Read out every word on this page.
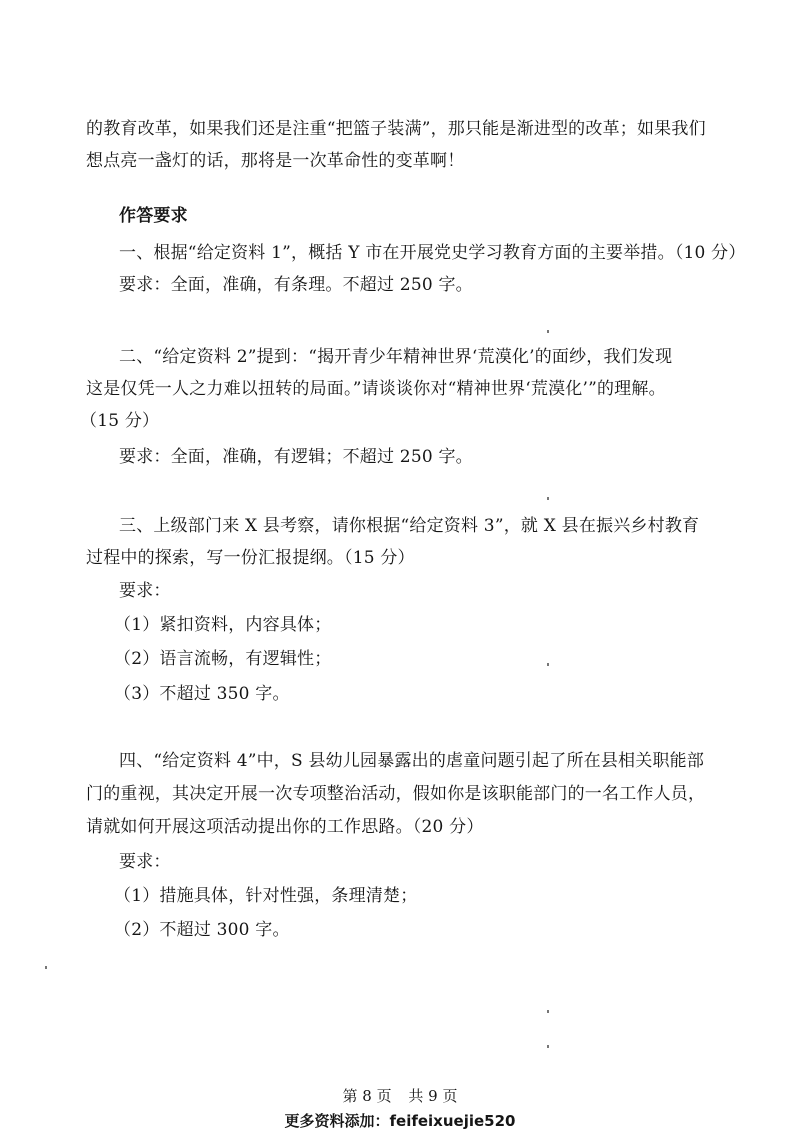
的教育改革，如果我们还是注重“把篮子装满”，那只能是渐进型的改革；如果我们
想点亮一盏灯的话，那将是一次革命性的变革啊！
作答要求
一、根据“给定资料 1”，概括 Y 市在开展党史学习教育方面的主要举措。（10 分）
要求：全面，准确，有条理。不超过 250 字。
二、“给定资料 2”提到：“揭开青少年精神世界‘荒漠化’的面纱，我们发现
这是仅凭一人之力难以扭转的局面。”请谈谈你对“精神世界‘荒漠化’”的理解。
（15 分）
要求：全面，准确，有逻辑；不超过 250 字。
三、上级部门来 X 县考察，请你根据“给定资料 3”，就 X 县在振兴乡村教育
过程中的探索，写一份汇报提纲。（15 分）
要求：
（1）紧扣资料，内容具体；
（2）语言流畅，有逻辑性；
（3）不超过 350 字。
四、“给定资料 4”中，S 县幼儿园暴露出的虐童问题引起了所在县相关职能部
门的重视，其决定开展一次专项整治活动，假如你是该职能部门的一名工作人员，
请就如何开展这项活动提出你的工作思路。（20 分）
要求：
（1）措施具体，针对性强，条理清楚；
（2）不超过 300 字。
第 8 页 共 9 页
更多资料添加：feifeixuejie520
